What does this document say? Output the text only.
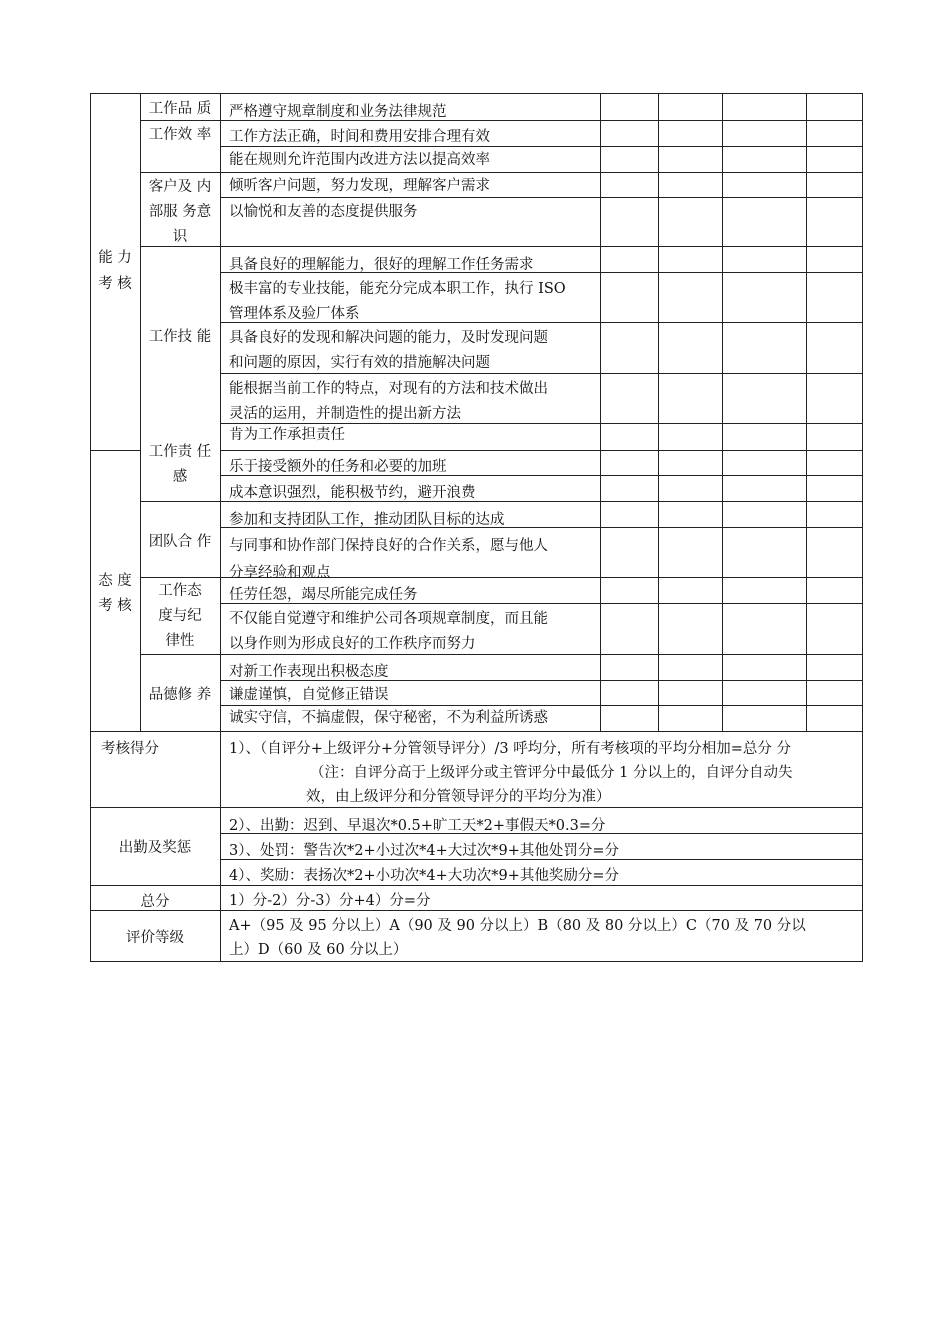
能 力
考 核
态 度
考 核
工作品 质
工作效 率
客户及 内
部服 务意
识
工作技 能
工作责 任
感
团队合 作
工作态
度与纪
律性
品德修 养
严格遵守规章制度和业务法律规范
工作方法正确，时间和费用安排合理有效
能在规则允许范围内改进方法以提高效率
倾听客户问题，努力发现，理解客户需求
以愉悦和友善的态度提供服务
具备良好的理解能力，很好的理解工作任务需求
极丰富的专业技能，能充分完成本职工作，执行 ISO
管理体系及验厂体系
具备良好的发现和解决问题的能力，及时发现问题
和问题的原因，实行有效的措施解决问题
能根据当前工作的特点，对现有的方法和技术做出
灵活的运用，并制造性的提出新方法
肯为工作承担责任
乐于接受额外的任务和必要的加班
成本意识强烈，能积极节约，避开浪费
参加和支持团队工作，推动团队目标的达成
与同事和协作部门保持良好的合作关系，愿与他人
分享经验和观点
任劳任怨，竭尽所能完成任务
不仅能自觉遵守和维护公司各项规章制度，而且能
以身作则为形成良好的工作秩序而努力
对新工作表现出积极态度
谦虚谨慎，自觉修正错误
诚实守信，不搞虚假，保守秘密，不为利益所诱惑
考核得分	1）、（自评分+上级评分+分管领导评分）/3 呼均分，所有考核项的平均分相加=总分 分
（注：自评分高于上级评分或主管评分中最低分 1 分以上的，自评分自动失
效，由上级评分和分管领导评分的平均分为准）
出勤及奖惩
2）、出勤：迟到、早退次*0.5+旷工天*2+事假天*0.3=分
3）、处罚：警告次*2+小过次*4+大过次*9+其他处罚分=分
4）、奖励：表扬次*2+小功次*4+大功次*9+其他奖励分=分
总分	1）分-2）分-3）分+4）分=分
评价等级
A+（95 及 95 分以上）A（90 及 90 分以上）B（80 及 80 分以上）C（70 及 70 分以
上）D（60 及 60 分以上）
